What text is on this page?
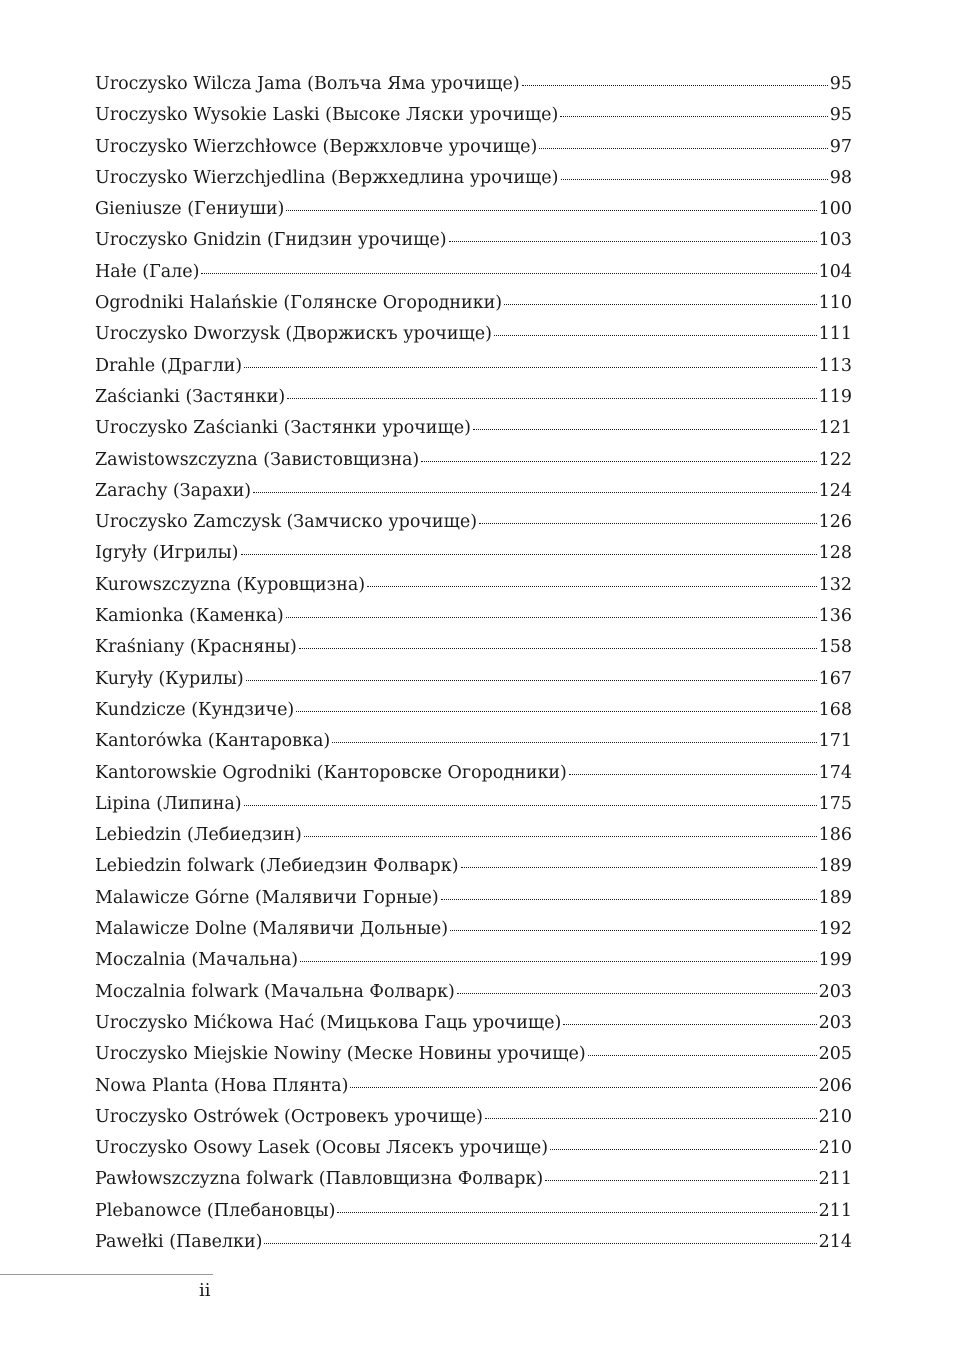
Uroczysko Wilcza Jama (Волъча Яма урочище)	95
Uroczysko Wysokie Laski (Высоке Ляски урочище)	95
Uroczysko Wierzchłowce (Вержхловче урочище)	97
Uroczysko Wierzchjedlina (Вержхедлина урочище)	98
Gieniusze (Гениуши)	100
Uroczysko Gnidzin (Гнидзин урочище)	103
Hałe (Гале)	104
Ogrodniki Halańskie (Голянске Огородники)	110
Uroczysko Dworzysk (Дворжискъ урочище)	111
Drahle (Драгли)	113
Zaścianki (Застянки)	119
Uroczysko Zaścianki (Застянки урочище)	121
Zawistowszczyzna (Завистовщизна)	122
Zarachy (Зарахи)	124
Uroczysko Zamczysk (Замчиско урочище)	126
Igryły (Игрилы)	128
Kurowszczyzna (Куровщизна)	132
Kamionka (Каменка)	136
Kraśniany (Красняны)	158
Kuryły (Курилы)	167
Kundzicze (Кундзиче)	168
Kantorówka (Кантаровка)	171
Kantorowskie Ogrodniki (Канторовске Огородники)	174
Lipina (Липина)	175
Lebiedzin (Лебиедзин)	186
Lebiedzin folwark (Лебиедзин Фолварк)	189
Malawicze Górne (Малявичи Горные)	189
Malawicze Dolne (Малявичи Дольные)	192
Moczalnia (Мачальна)	199
Moczalnia folwark (Мачальна Фолварк)	203
Uroczysko Mićkowa Hać (Мицькова Гаць урочище)	203
Uroczysko Miejskie Nowiny (Меске Новины урочище)	205
Nowa Planta (Нова Плянта)	206
Uroczysko Ostrówek (Островекъ урочище)	210
Uroczysko Osowy Lasek (Осовы Лясекъ урочище)	210
Pawłowszczyzna folwark (Павловщизна Фолварк)	211
Plebanowce (Плебановцы)	211
Pawełki (Павелки)	214
ii
